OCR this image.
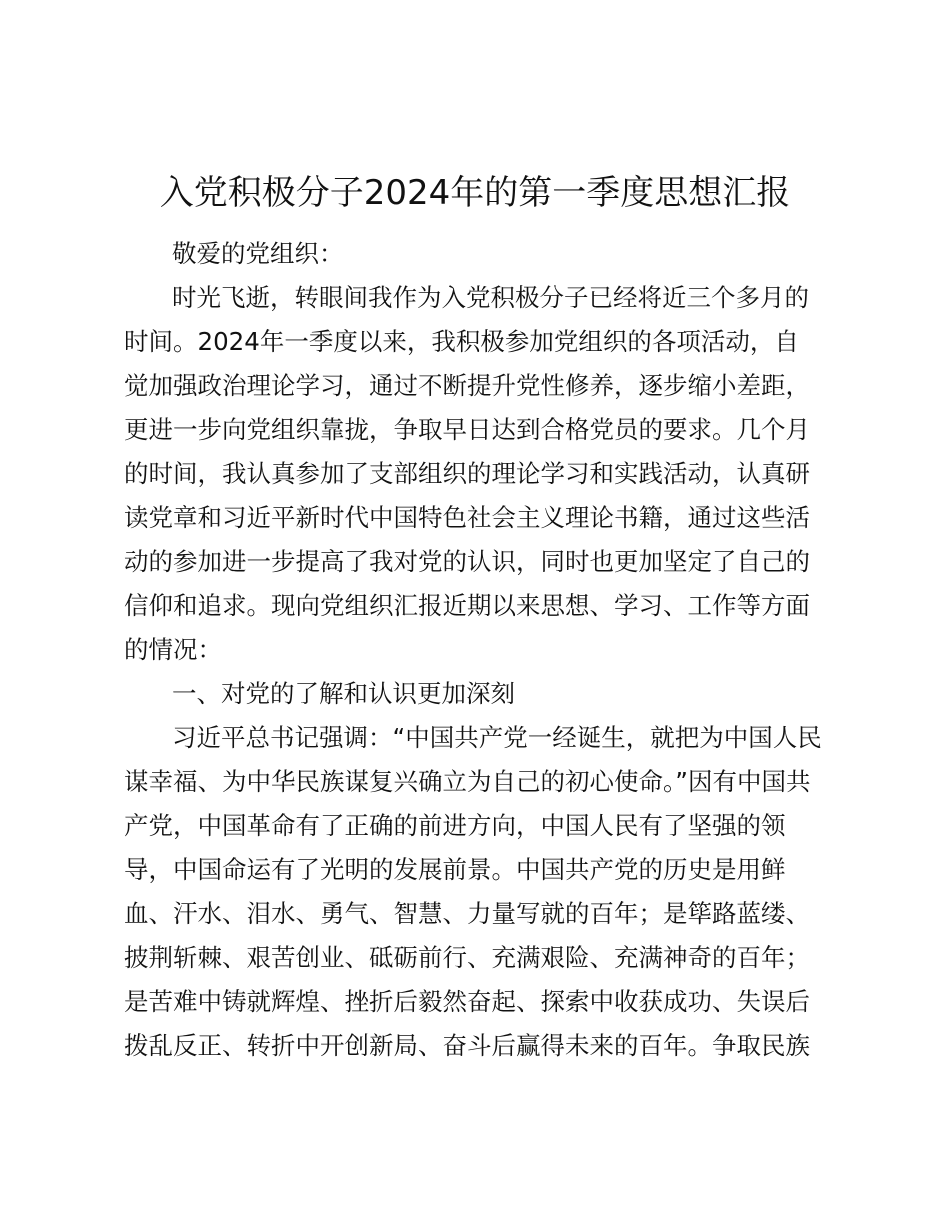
入党积极分子2024年的第一季度思想汇报
敬爱的党组织：
时光飞逝，转眼间我作为入党积极分子已经将近三个多月的
时间。2024年一季度以来，我积极参加党组织的各项活动，自
觉加强政治理论学习，通过不断提升党性修养，逐步缩小差距，
更进一步向党组织靠拢，争取早日达到合格党员的要求。几个月
的时间，我认真参加了支部组织的理论学习和实践活动，认真研
读党章和习近平新时代中国特色社会主义理论书籍，通过这些活
动的参加进一步提高了我对党的认识，同时也更加坚定了自己的
信仰和追求。现向党组织汇报近期以来思想、学习、工作等方面
的情况：
一、对党的了解和认识更加深刻
习近平总书记强调：“中国共产党一经诞生，就把为中国人民
谋幸福、为中华民族谋复兴确立为自己的初心使命。”因有中国共
产党，中国革命有了正确的前进方向，中国人民有了坚强的领
导，中国命运有了光明的发展前景。中国共产党的历史是用鲜
血、汗水、泪水、勇气、智慧、力量写就的百年；是筚路蓝缕、
披荆斩棘、艰苦创业、砥砺前行、充满艰险、充满神奇的百年；
是苦难中铸就辉煌、挫折后毅然奋起、探索中收获成功、失误后
拨乱反正、转折中开创新局、奋斗后赢得未来的百年。争取民族
